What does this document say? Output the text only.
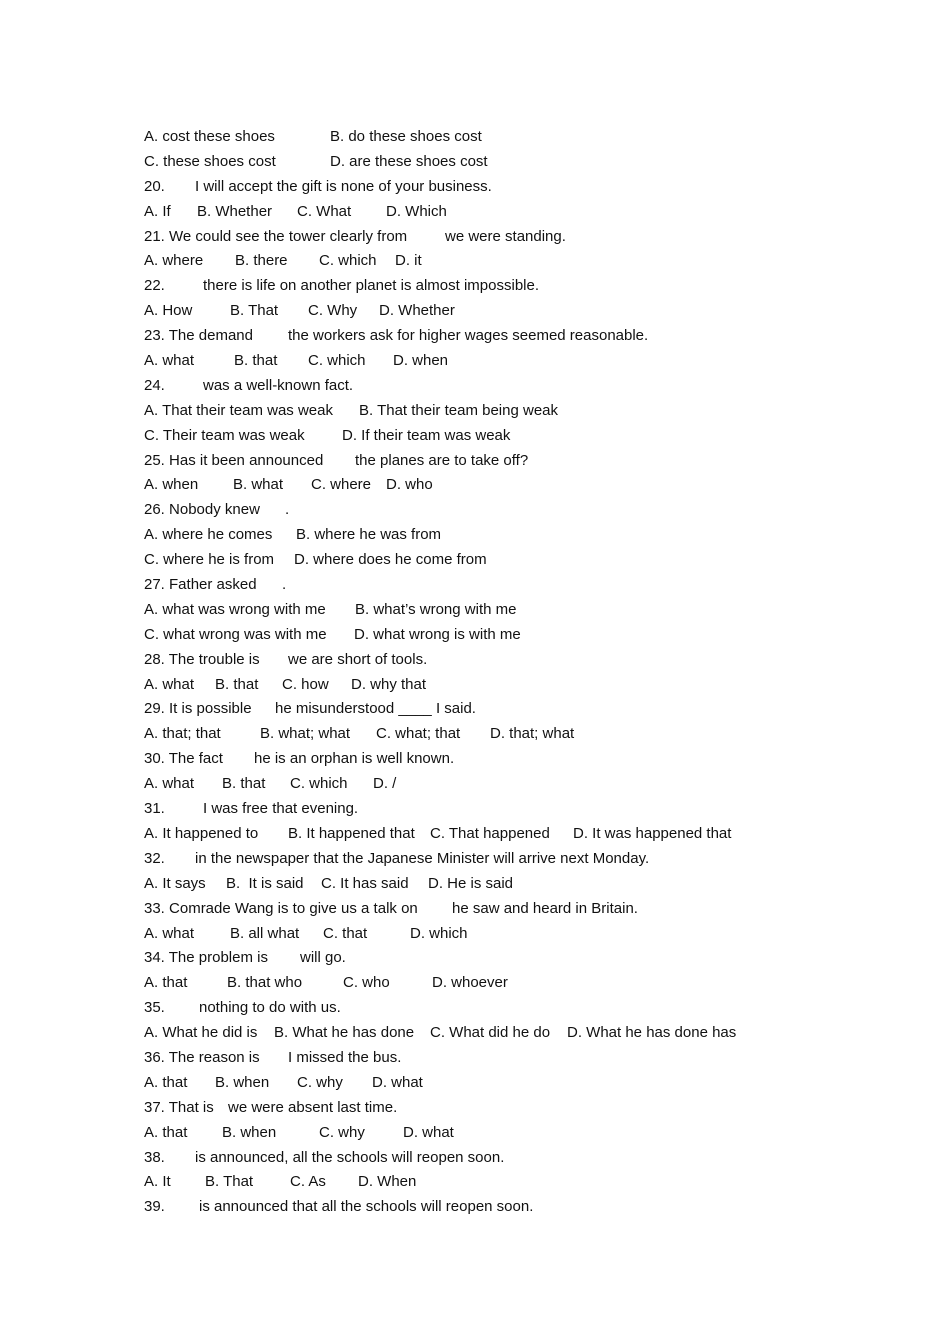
A. cost these shoes	B. do these shoes cost
C. these shoes cost	D. are these shoes cost
20. I will accept the gift is none of your business.
A. If B. Whether C. What D. Which
21. We could see the tower clearly from	we were standing.
A. where B. there C. which D. it
22.	there is life on another planet is almost impossible.
A. How	B. That C. Why D. Whether
23. The demand the workers ask for higher wages seemed reasonable.
A. what	B. that C. which D. when
24.	was a well-known fact.
A. That their team was weak B. That their team being weak
C. Their team was weak D. If their team was weak
25. Has it been announced the planes are to take off?
A. when B. what C. where D. who
26. Nobody knew .
A. where he comes B. where he was from
C. where he is from D. where does he come from
27. Father asked .
A. what was wrong with me B. what’s wrong with me
C. what wrong was with me D. what wrong is with me
28. The trouble is we are short of tools.
A. what B. that C. how D. why that
29. It is possible he misunderstood ____ I said.
A. that; that	B. what; what C. what; that D. that; what
30. The fact he is an orphan is well known.
A. what B. that C. which D. /
31.	I was free that evening.
A. It happened to B. It happened that C. That happened D. It was happened that
32. in the newspaper that the Japanese Minister will arrive next Monday.
A. It says B.  It is said C. It has said D. He is said
33. Comrade Wang is to give us a talk on he saw and heard in Britain.
A. what B. all what C. that	D. which
34. The problem is will go.
A. that	B. that who	C. who	D. whoever
35. nothing to do with us.
A. What he did is B. What he has done C. What did he do D. What he has done has
36. The reason is I missed the bus.
A. that B. when C. why D. what
37. That is we were absent last time.
A. that B. when	C. why	D. what
38. is announced, all the schools will reopen soon.
A. It B. That C. As D. When
39. is announced that all the schools will reopen soon.
